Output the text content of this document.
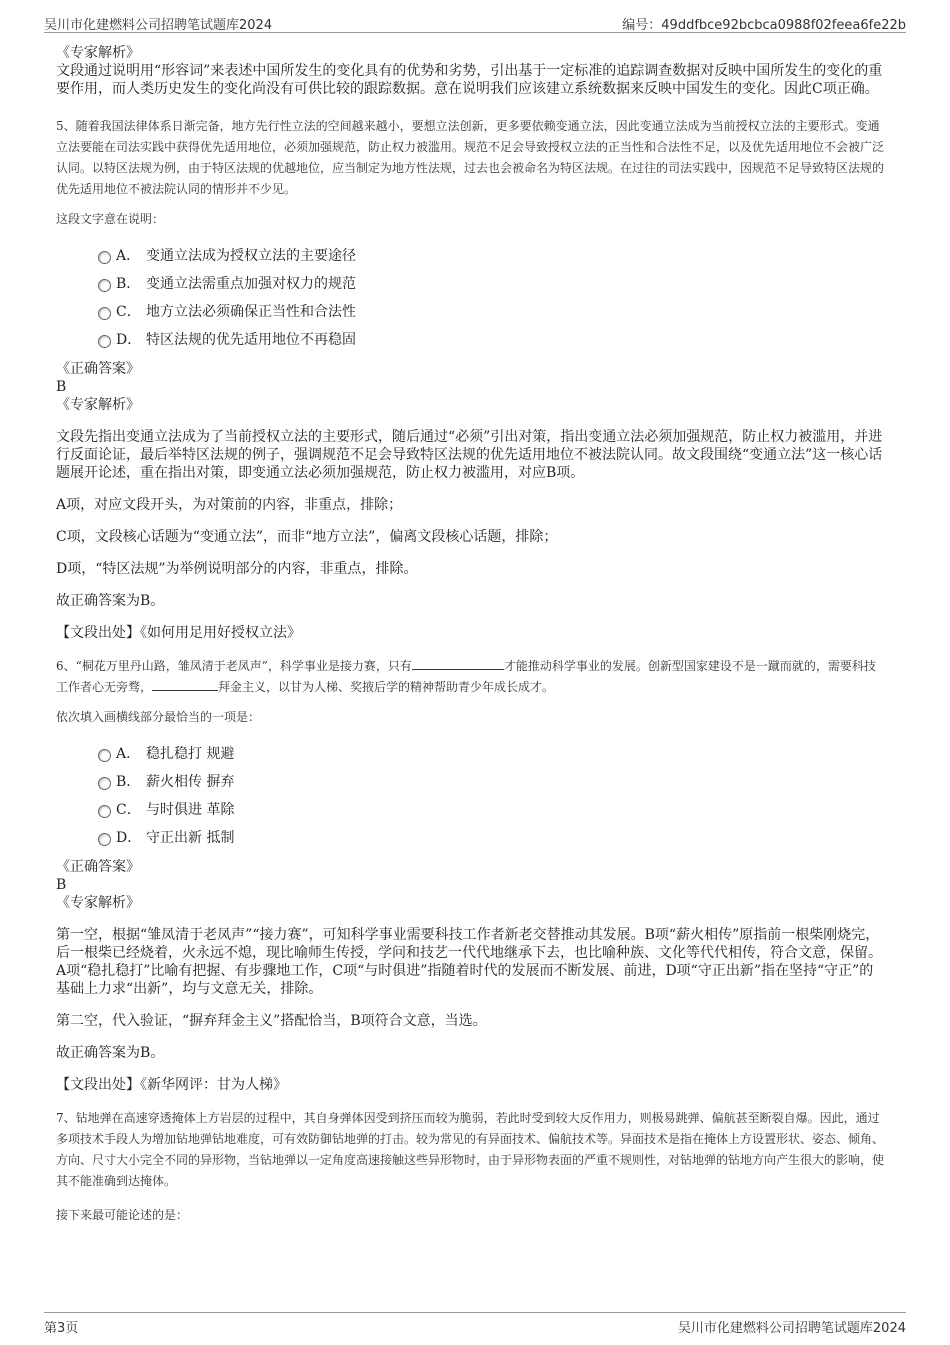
吴川市化建燃料公司招聘笔试题库2024	编号：49ddfbce92bcbca0988f02feea6fe22b

《专家解析》

文段通过说明用“形容词”来表述中国所发生的变化具有的优势和劣势，引出基于一定标准的追踪调查数据对反映中国所发生的变化的重要作用，而人类历史发生的变化尚没有可供比较的跟踪数据。意在说明我们应该建立系统数据来反映中国发生的变化。因此C项正确。

5、随着我国法律体系日渐完备，地方先行性立法的空间越来越小，要想立法创新，更多要依赖变通立法，因此变通立法成为当前授权立法的主要形式。变通立法要能在司法实践中获得优先适用地位，必须加强规范，防止权力被滥用。规范不足会导致授权立法的正当性和合法性不足，以及优先适用地位不会被广泛认同。以特区法规为例，由于特区法规的优越地位，应当制定为地方性法规，过去也会被命名为特区法规。在过往的司法实践中，因规范不足导致特区法规的优先适用地位不被法院认同的情形并不少见。

这段文字意在说明：

A． 变通立法成为授权立法的主要途径
B． 变通立法需重点加强对权力的规范
C． 地方立法必须确保正当性和合法性
D． 特区法规的优先适用地位不再稳固

《正确答案》

B

《专家解析》

文段先指出变通立法成为了当前授权立法的主要形式，随后通过“必须”引出对策，指出变通立法必须加强规范，防止权力被滥用，并进行反面论证，最后举特区法规的例子，强调规范不足会导致特区法规的优先适用地位不被法院认同。故文段围绕“变通立法”这一核心话题展开论述，重在指出对策，即变通立法必须加强规范，防止权力被滥用，对应B项。

A项，对应文段开头，为对策前的内容，非重点，排除；

C项，文段核心话题为“变通立法”，而非“地方立法”，偏离文段核心话题，排除；

D项，“特区法规”为举例说明部分的内容，非重点，排除。

故正确答案为B。

【文段出处】《如何用足用好授权立法》

6、“桐花万里丹山路，雏凤清于老凤声”，科学事业是接力赛，只有	才能推动科学事业的发展。创新型国家建设不是一蹴而就的，需要科技工作者心无旁骛，	拜金主义，以甘为人梯、奖掖后学的精神帮助青少年成长成才。

依次填入画横线部分最恰当的一项是：

A． 稳扎稳打 规避
B． 薪火相传 摒弃
C． 与时俱进 革除
D． 守正出新 抵制

《正确答案》

B

《专家解析》

第一空，根据“雏凤清于老凤声”“接力赛”，可知科学事业需要科技工作者新老交替推动其发展。B项“薪火相传”原指前一根柴刚烧完，后一根柴已经烧着，火永远不熄，现比喻师生传授，学问和技艺一代代地继承下去，也比喻种族、文化等代代相传，符合文意，保留。A项“稳扎稳打”比喻有把握、有步骤地工作，C项“与时俱进”指随着时代的发展而不断发展、前进，D项“守正出新”指在坚持“守正”的基础上力求“出新”，均与文意无关，排除。

第二空，代入验证，“摒弃拜金主义”搭配恰当，B项符合文意，当选。

故正确答案为B。

【文段出处】《新华网评：甘为人梯》

7、钻地弹在高速穿透掩体上方岩层的过程中，其自身弹体因受到挤压而较为脆弱，若此时受到较大反作用力，则极易跳弹、偏航甚至断裂自爆。因此，通过多项技术手段人为增加钻地弹钻地难度，可有效防御钻地弹的打击。较为常见的有异面技术、偏航技术等。异面技术是指在掩体上方设置形状、姿态、倾角、方向、尺寸大小完全不同的异形物，当钻地弹以一定角度高速接触这些异形物时，由于异形物表面的严重不规则性，对钻地弹的钻地方向产生很大的影响，使其不能准确到达掩体。

接下来最可能论述的是：

第3页	吴川市化建燃料公司招聘笔试题库2024
